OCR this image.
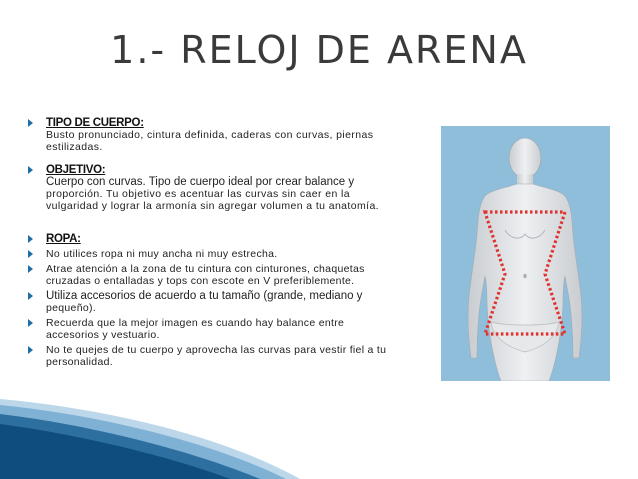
1.- RELOJ DE ARENA
TIPO DE CUERPO:
Busto pronunciado, cintura definida, caderas con curvas, piernas
estilizadas.
OBJETIVO:
Cuerpo con curvas. Tipo de cuerpo ideal por crear balance y
proporción. Tu objetivo es acentuar las curvas sin caer en la
vulgaridad y lograr la armonía sin agregar volumen a tu anatomía.
ROPA:
No utilices ropa ni muy ancha ni muy estrecha.
Atrae atención a la zona de tu cintura con cinturones, chaquetas
cruzadas o entalladas y tops con escote en V preferiblemente.
Utiliza accesorios de acuerdo a tu tamaño (grande, mediano y
pequeño).
Recuerda que la mejor imagen es cuando hay balance entre
accesorios y vestuario.
No te quejes de tu cuerpo y aprovecha las curvas para vestir fiel a tu
personalidad.
